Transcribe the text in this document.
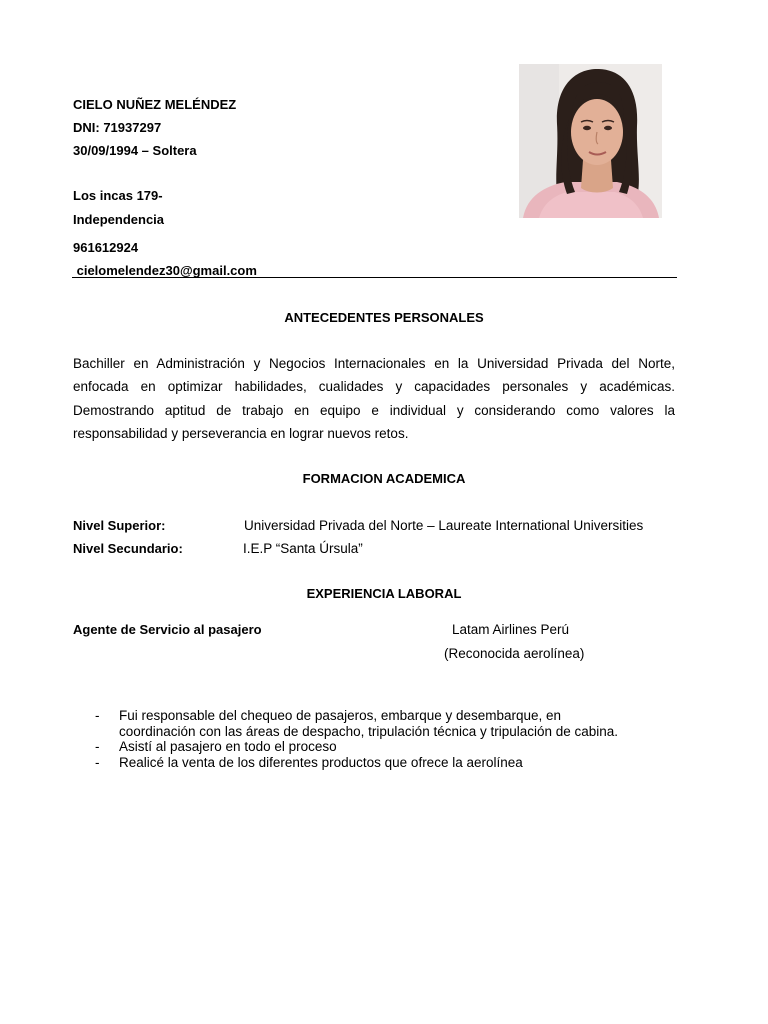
CIELO NUÑEZ MELÉNDEZ
DNI: 71937297
30/09/1994 – Soltera
Los incas 179-
Independencia
961612924
cielomelendez30@gmail.com
ANTECEDENTES PERSONALES
Bachiller en Administración y Negocios Internacionales en la Universidad Privada del Norte,
enfocada en optimizar habilidades, cualidades y capacidades personales y académicas.
Demostrando aptitud de trabajo en equipo e individual y considerando como valores la
responsabilidad y perseverancia en lograr nuevos retos.
FORMACION ACADEMICA
Nivel Superior:	Universidad Privada del Norte – Laureate International Universities
Nivel Secundario:	I.E.P “Santa Úrsula”
EXPERIENCIA LABORAL
Agente de Servicio al pasajero	Latam Airlines Perú
(Reconocida aerolínea)
- Fui responsable del chequeo de pasajeros, embarque y desembarque, en
coordinación con las áreas de despacho, tripulación técnica y tripulación de cabina.
- Asistí al pasajero en todo el proceso
- Realicé la venta de los diferentes productos que ofrece la aerolínea
